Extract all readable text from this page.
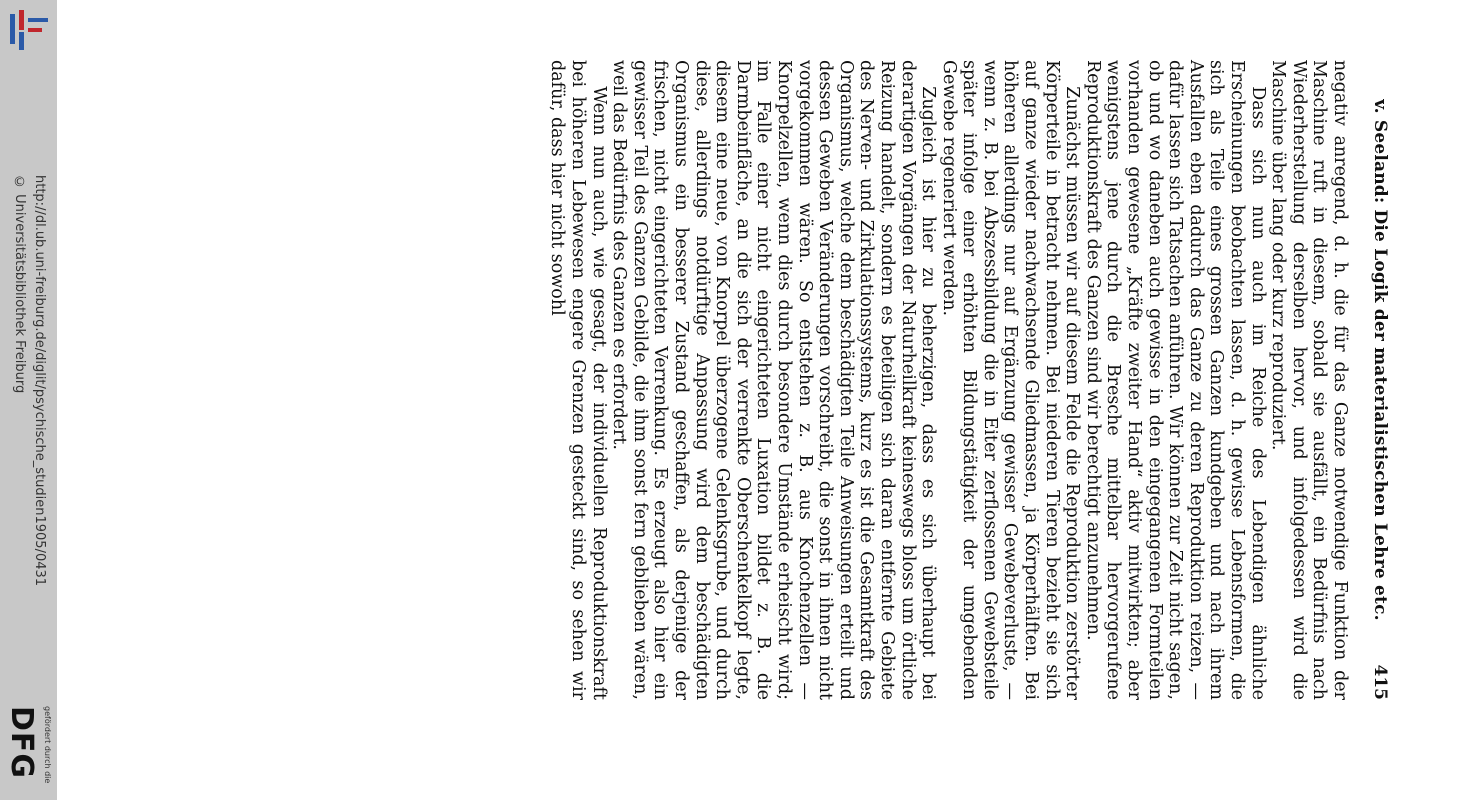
http://dl.ub.uni-freiburg.de/diglit/psychische_studien1905/0431
© Universitätsbibliothek Freiburg
gefördert durch die
DFG
v. Seeland: Die Logik der materialistischen Lehre etc.
415

negativ anregend, d. h. die für das Ganze notwendige Funktion der Maschine ruft in diesem, sobald sie ausfällt, ein Bedürfnis nach Wiederherstellung derselben hervor, und infolgedessen wird die Maschine über lang oder kurz reproduziert.

Dass sich nun auch im Reiche des Lebendigen ähnliche Erscheinungen beobachten lassen, d. h. gewisse Lebensformen, die sich als Teile eines grossen Ganzen kundgeben und nach ihrem Ausfallen eben dadurch das Ganze zu deren Reproduktion reizen, — dafür lassen sich Tatsachen anführen. Wir können zur Zeit nicht sagen, ob und wo daneben auch gewisse in den eingegangenen Formteilen vorhanden gewesene „Kräfte zweiter Hand“ aktiv mitwirkten; aber wenigstens jene durch die Bresche mittelbar hervorgerufene Reproduktionskraft des Ganzen sind wir berechtigt anzunehmen.

Zunächst müssen wir auf diesem Felde die Reproduktion zerstörter Körperteile in betracht nehmen. Bei niederen Tieren bezieht sie sich auf ganze wieder nachwachsende Gliedmassen, ja Körperhälften. Bei höheren allerdings nur auf Ergänzung gewisser Gewebeverluste, — wenn z. B. bei Abszessbildung die in Eiter zerflossenen Gewebsteile später infolge einer erhöhten Bildungstätigkeit der umgebenden Gewebe regeneriert werden.

Zugleich ist hier zu beherzigen, dass es sich überhaupt bei derartigen Vorgängen der Naturheilkraft keineswegs bloss um örtliche Reizung handelt, sondern es beteiligen sich daran entfernte Gebiete des Nerven- und Zirkulationssystems, kurz es ist die Gesamtkraft des Organismus, welche dem beschädigten Teile Anweisungen erteilt und dessen Geweben Veränderungen vorschreibt, die sonst in ihnen nicht vorgekommen wären. So entstehen z. B. aus Knochenzellen — Knorpelzellen, wenn dies durch besondere Umstände erheischt wird; im Falle einer nicht eingerichteten Luxation bildet z. B. die Darmbeinfläche, an die sich der verrenkte Oberschenkelkopf legte, diesem eine neue, von Knorpel überzogene Gelenksgrube, und durch diese, allerdings notdürftige Anpassung wird dem beschädigten Organismus ein besserer Zustand geschaffen, als derjenige der frischen, nicht eingerichteten Verrenkung. Es erzeugt also hier ein gewisser Teil des Ganzen Gebilde, die ihm sonst fern geblieben wären, weil das Bedürfnis des Ganzen es erfordert.

Wenn nun auch, wie gesagt, der individuellen Reproduktionskraft bei höheren Lebewesen engere Grenzen gesteckt sind, so sehen wir dafür, dass hier nicht sowohl
